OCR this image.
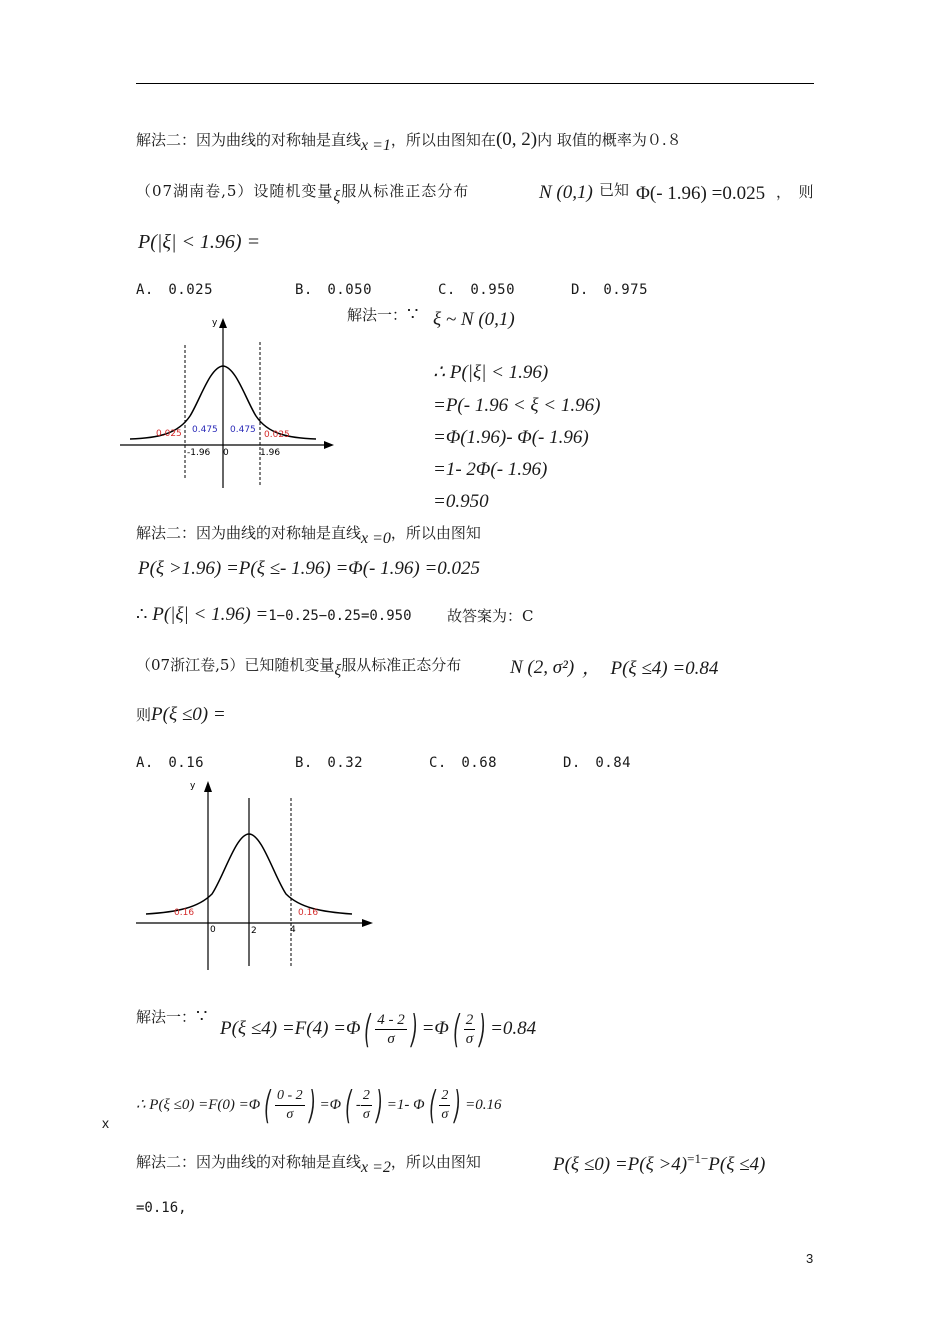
解法二：因为曲线的对称轴是直线x =1，所以由图知在(0, 2)内 取值的概率为０.８
（07湖南卷,5）设随机变量ξ服从标准正态分布	N (0,1) 已知 Φ(- 1.96) =0.025 ，　则
P(|ξ| < 1.96) =
A.　0.025	B.　0.050	C.　0.950	D.　0.975
y
0.025 0.475 0.475 0.025
-1.96 0	1.96
解法一：∵ ξ ~ N (0,1)
∴ P(|ξ| < 1.96)
=P(- 1.96 < ξ < 1.96)
=Φ(1.96)- Φ(- 1.96)
=1- 2Φ(- 1.96)
=0.950
解法二：因为曲线的对称轴是直线x =0，所以由图知
P(ξ >1.96) =P(ξ ≤- 1.96) =Φ(- 1.96) =0.025
∴ P(|ξ| < 1.96) =1−0.25−0.25=0.950 故答案为：C
（07浙江卷,5）已知随机变量ξ服从标准正态分布	N (2, σ²) ，　P(ξ ≤4) =0.84
则P(ξ ≤0) =
A.　0.16	B.　0.32	C.　0.68	D.　0.84
y
0.16	0.16
0	2	4
解法一：∵
P(ξ ≤4) =F(4) =Φ ( $\frac{4 - 2}{\sigma}$ ) =Φ ( $\frac{2}{\sigma}$ ) =0.84
∴ P(ξ ≤0) =F(0) =Φ ( $\frac{0 - 2}{\sigma}$ ) =Φ ( - $\frac{2}{\sigma}$ ) =1- Φ ( $\frac{2}{\sigma}$ ) =0.16
x
解法二：因为曲线的对称轴是直线x =2，所以由图知	P(ξ ≤0) =P(ξ >4)$^{=1-}$P(ξ ≤4)
=0.16,
3
